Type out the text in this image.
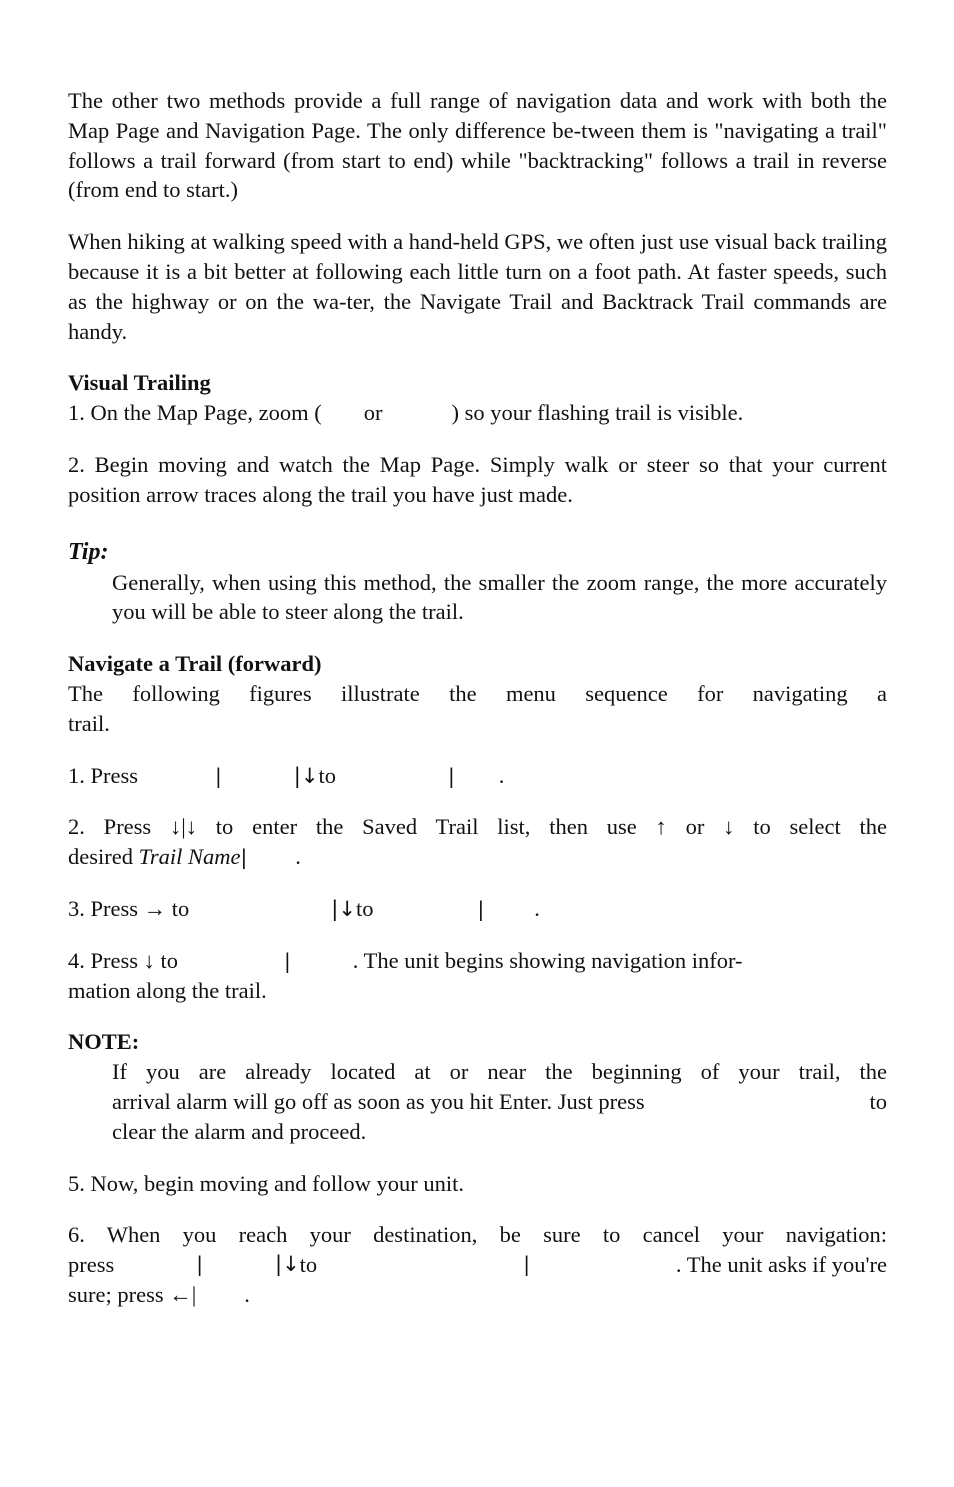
The other two methods provide a full range of navigation data and work with both the Map Page and Navigation Page. The only difference be-tween them is "navigating a trail" follows a trail forward (from start to end) while "backtracking" follows a trail in reverse (from end to start.)

When hiking at walking speed with a hand-held GPS, we often just use visual back trailing because it is a bit better at following each little turn on a foot path. At faster speeds, such as the highway or on the wa-ter, the Navigate Trail and Backtrack Trail commands are handy.

Visual Trailing

1. On the Map Page, zoom ( or	) so your flashing trail is visible.

2. Begin moving and watch the Map Page. Simply walk or steer so that your current position arrow traces along the trail you have just made.

Tip:

Generally, when using this method, the smaller the zoom range, the more accurately you will be able to steer along the trail.

Navigate a Trail (forward)

The following figures illustrate the menu sequence for navigating a

trail.

1. Press	|	|↓to	| .

2. Press ↓|↓ to enter the Saved Trail list, then use ↑ or ↓ to select the

desired Trail Name| .
3. Press → to	|↓to	| .
4. Press ↓ to	|	. The unit begins showing navigation infor-

mation along the trail.

NOTE:

If you are already located at or near the beginning of your trail, the

arrival alarm will go off as soon as you hit Enter. Just press	to

clear the alarm and proceed.

5. Now, begin moving and follow your unit.

6. When you reach your destination, be sure to cancel your navigation:

press	|	|↓ to	|	. The unit asks if you're
sure; press ←| .
